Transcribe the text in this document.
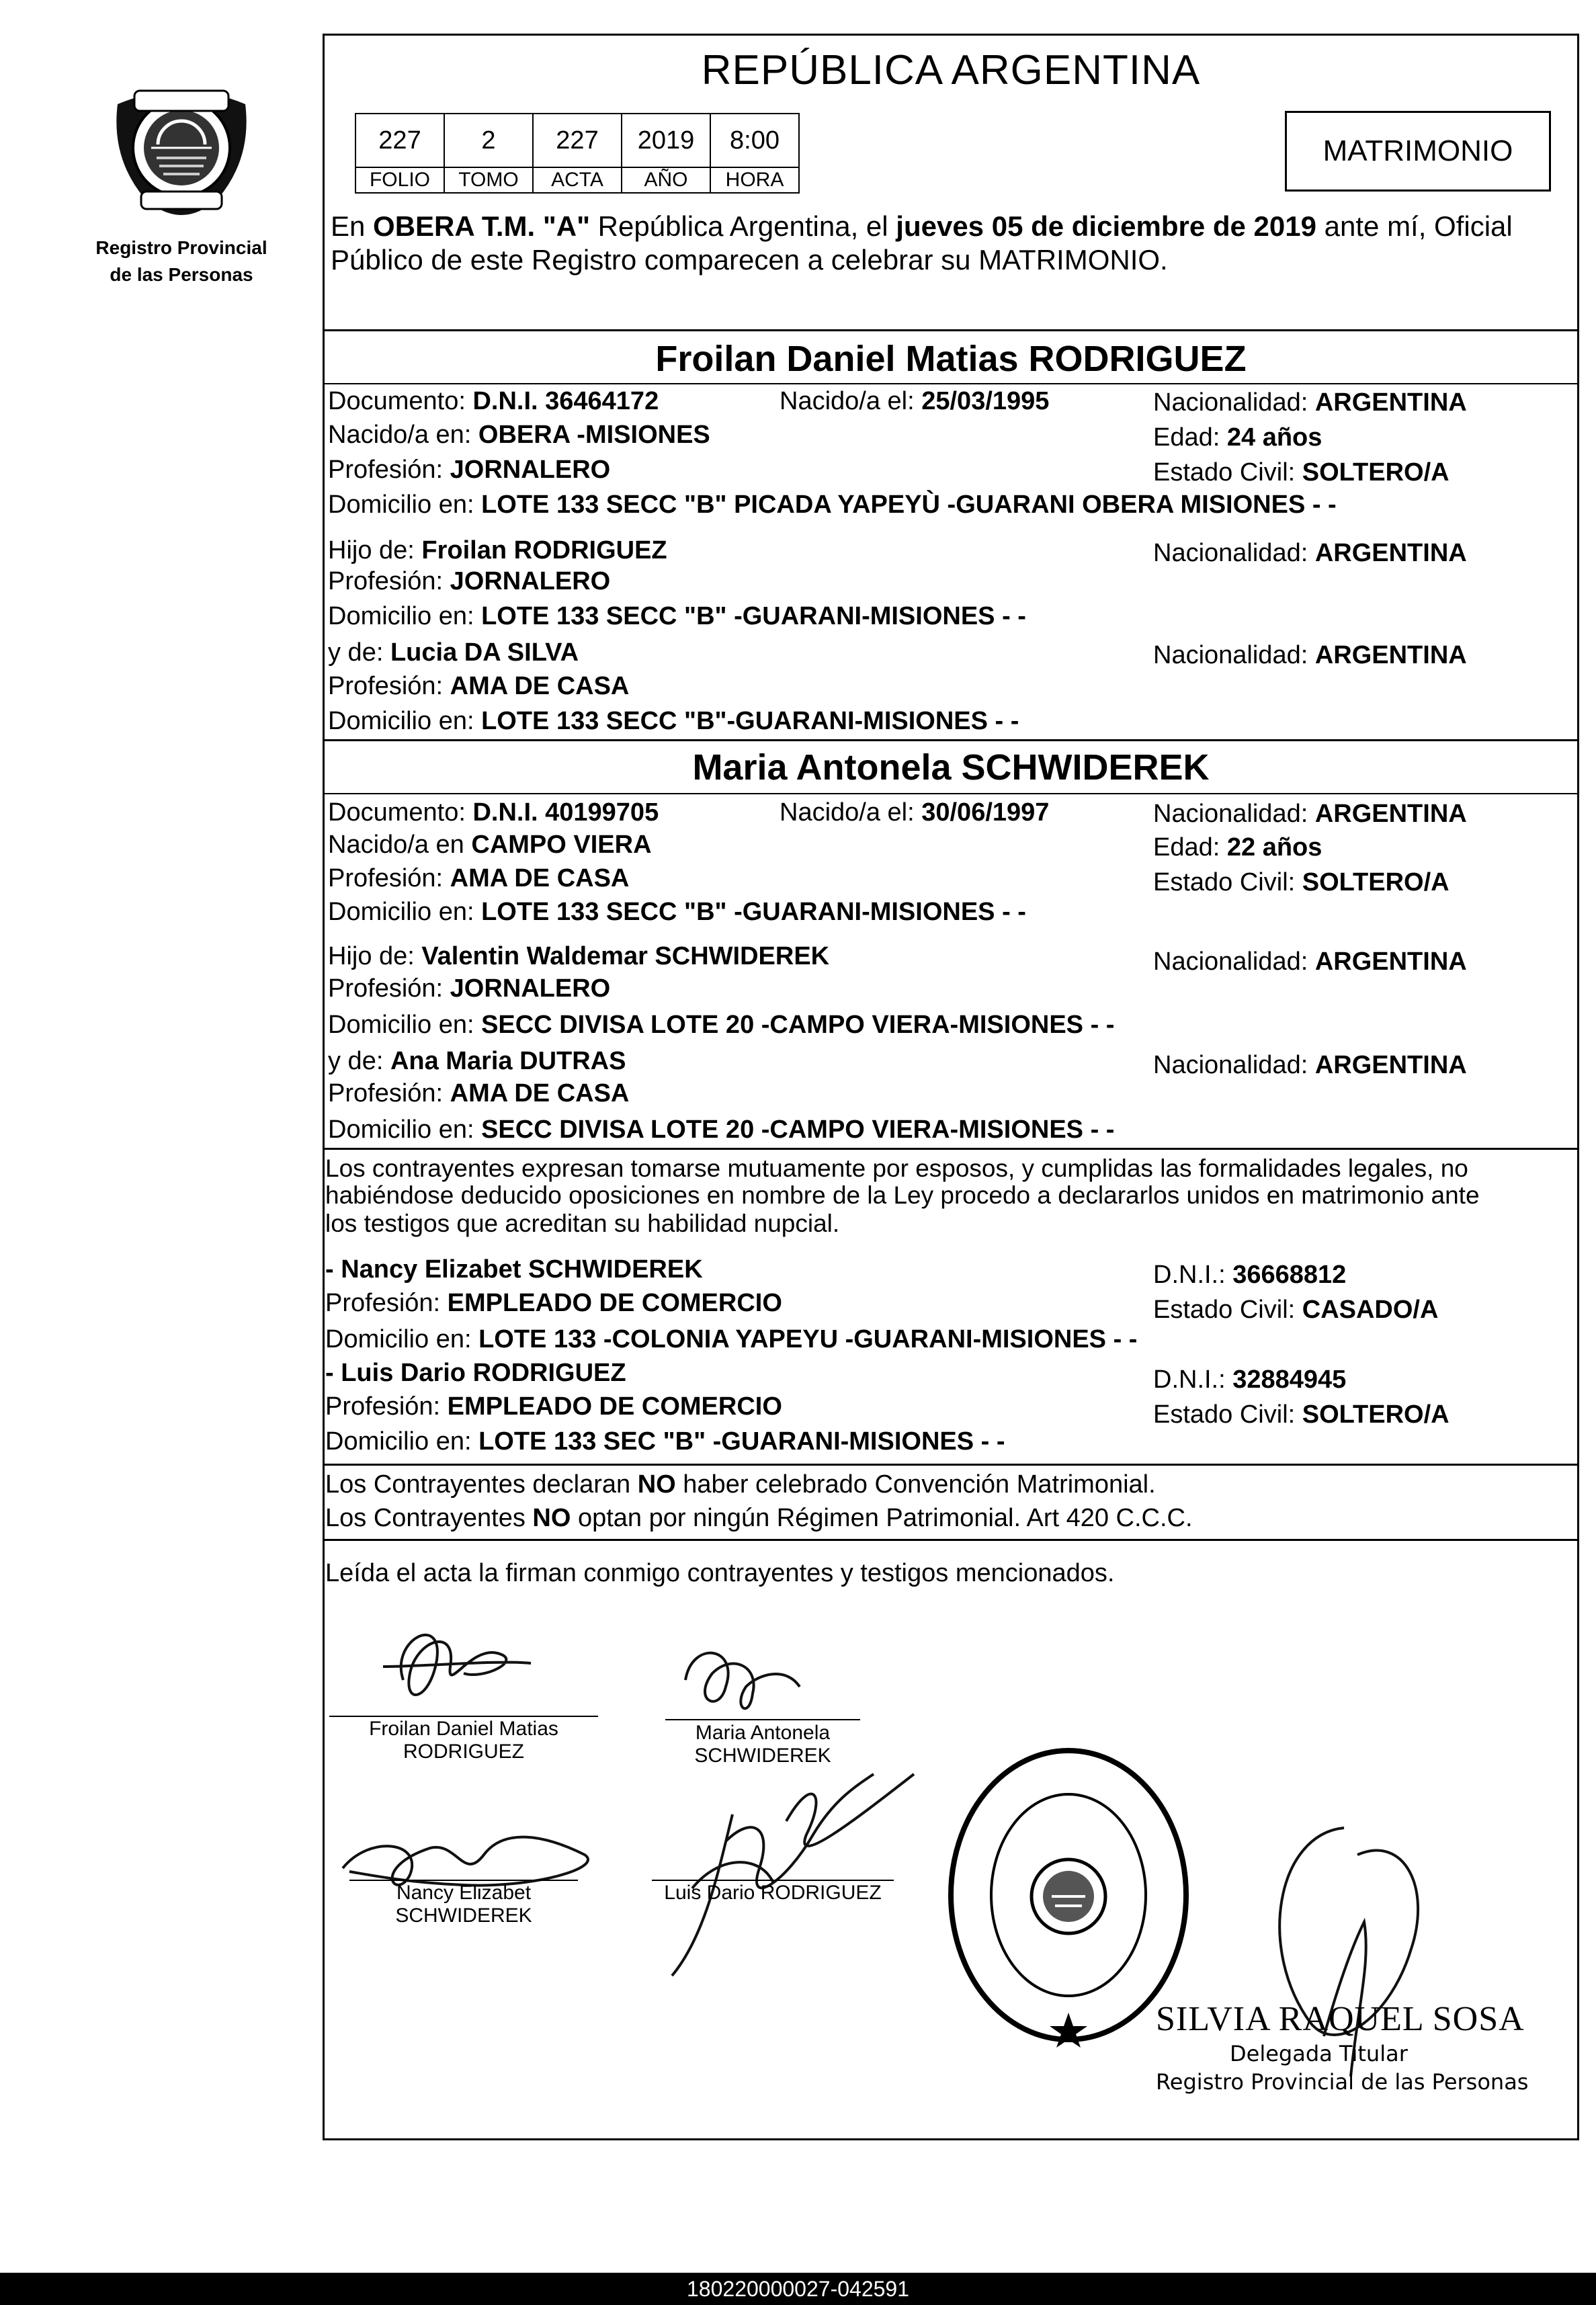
Registro Provincial
de las Personas
REPÚBLICA ARGENTINA
227	2	227	2019	8:00
FOLIO	TOMO	ACTA	AÑO	HORA
MATRIMONIO
En OBERA T.M. "A" República Argentina, el jueves 05 de diciembre de 2019 ante mí, Oficial
Público de este Registro comparecen a celebrar su MATRIMONIO.
Froilan Daniel Matias RODRIGUEZ
Documento: D.N.I. 36464172	Nacido/a el: 25/03/1995	Nacionalidad: ARGENTINA
Nacido/a en: OBERA -MISIONES	Edad: 24 años
Profesión: JORNALERO	Estado Civil: SOLTERO/A
Domicilio en: LOTE 133 SECC "B" PICADA YAPEYÙ -GUARANI OBERA MISIONES - -
Hijo de: Froilan RODRIGUEZ	Nacionalidad: ARGENTINA
Profesión: JORNALERO
Domicilio en: LOTE 133 SECC "B" -GUARANI-MISIONES - -
y de: Lucia DA SILVA	Nacionalidad: ARGENTINA
Profesión: AMA DE CASA
Domicilio en: LOTE 133 SECC "B"-GUARANI-MISIONES - -
Maria Antonela SCHWIDEREK
Documento: D.N.I. 40199705	Nacido/a el: 30/06/1997	Nacionalidad: ARGENTINA
Nacido/a en CAMPO VIERA	Edad: 22 años
Profesión: AMA DE CASA	Estado Civil: SOLTERO/A
Domicilio en: LOTE 133 SECC "B" -GUARANI-MISIONES - -
Hijo de: Valentin Waldemar SCHWIDEREK	Nacionalidad: ARGENTINA
Profesión: JORNALERO
Domicilio en: SECC DIVISA LOTE 20 -CAMPO VIERA-MISIONES - -
y de: Ana Maria DUTRAS	Nacionalidad: ARGENTINA
Profesión: AMA DE CASA
Domicilio en: SECC DIVISA LOTE 20 -CAMPO VIERA-MISIONES - -
Los contrayentes expresan tomarse mutuamente por esposos, y cumplidas las formalidades legales, no
habiéndose deducido oposiciones en nombre de la Ley procedo a declararlos unidos en matrimonio ante
los testigos que acreditan su habilidad nupcial.
- Nancy Elizabet SCHWIDEREK	D.N.I.: 36668812
Profesión: EMPLEADO DE COMERCIO	Estado Civil: CASADO/A
Domicilio en: LOTE 133 -COLONIA YAPEYU -GUARANI-MISIONES - -
- Luis Dario RODRIGUEZ	D.N.I.: 32884945
Profesión: EMPLEADO DE COMERCIO	Estado Civil: SOLTERO/A
Domicilio en: LOTE 133 SEC "B" -GUARANI-MISIONES - -
Los Contrayentes declaran NO haber celebrado Convención Matrimonial.
Los Contrayentes NO optan por ningún Régimen Patrimonial. Art 420 C.C.C.
Leída el acta la firman conmigo contrayentes y testigos mencionados.
Froilan Daniel Matias
RODRIGUEZ
Maria Antonela
SCHWIDEREK
Nancy Elizabet
SCHWIDEREK
Luis Dario RODRIGUEZ
SILVIA RAQUEL SOSA
Delegada Titular
Registro Provincial de las Personas
180220000027-042591
